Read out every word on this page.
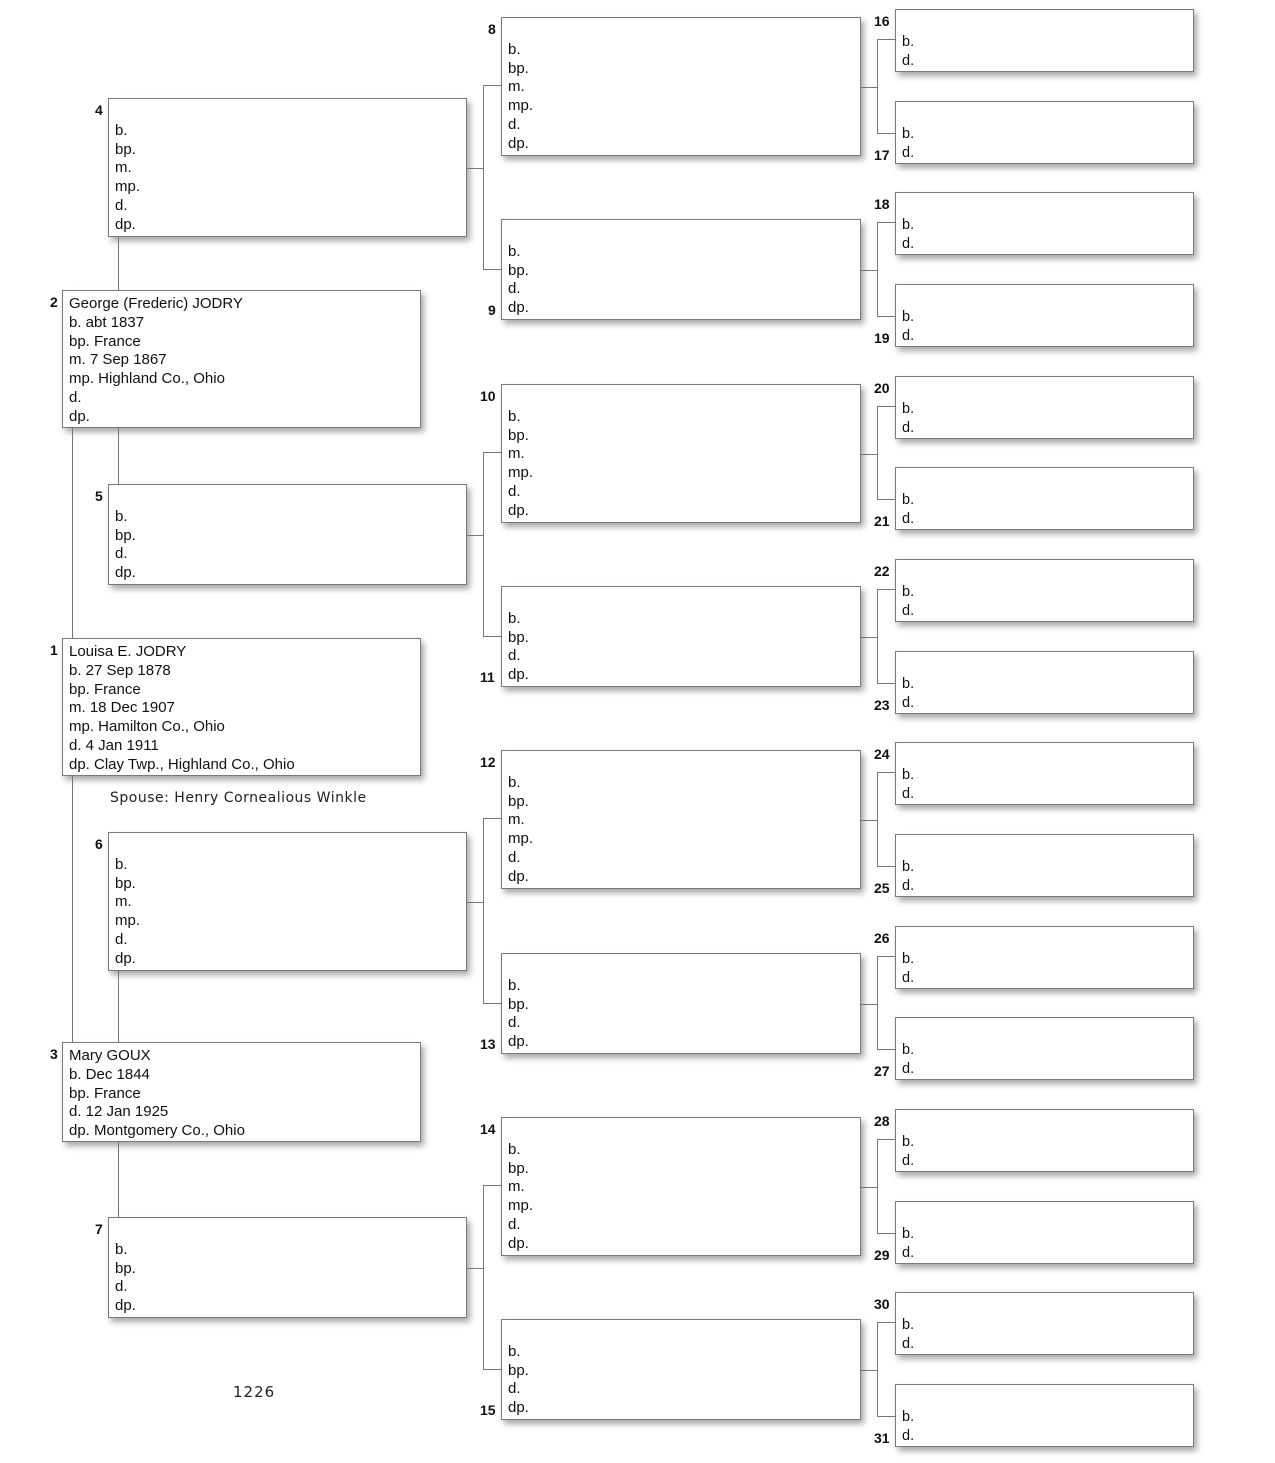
Louisa E. JODRY
b. 27 Sep 1878
bp. France
m. 18 Dec 1907
mp. Hamilton Co., Ohio
d. 4 Jan 1911
dp. Clay Twp., Highland Co., Ohio
1
George (Frederic) JODRY
b. abt 1837
bp. France
m. 7 Sep 1867
mp. Highland Co., Ohio
d.
dp.
2
Mary GOUX
b. Dec 1844
bp. France
d. 12 Jan 1925
dp. Montgomery Co., Ohio
3

b.
bp.
m.
mp.
d.
dp.
4

b.
bp.
d.
dp.
5

b.
bp.
m.
mp.
d.
dp.
6

b.
bp.
d.
dp.
7

b.
bp.
m.
mp.
d.
dp.
8

b.
bp.
d.
dp.
9

b.
bp.
m.
mp.
d.
dp.
10

b.
bp.
d.
dp.
11

b.
bp.
m.
mp.
d.
dp.
12

b.
bp.
d.
dp.
13

b.
bp.
m.
mp.
d.
dp.
14

b.
bp.
d.
dp.
15

b.
d.
16

b.
d.
17

b.
d.
18

b.
d.
19

b.
d.
20

b.
d.
21

b.
d.
22

b.
d.
23

b.
d.
24

b.
d.
25

b.
d.
26

b.
d.
27

b.
d.
28

b.
d.
29

b.
d.
30

b.
d.
31
Spouse: Henry Cornealious Winkle
1226
